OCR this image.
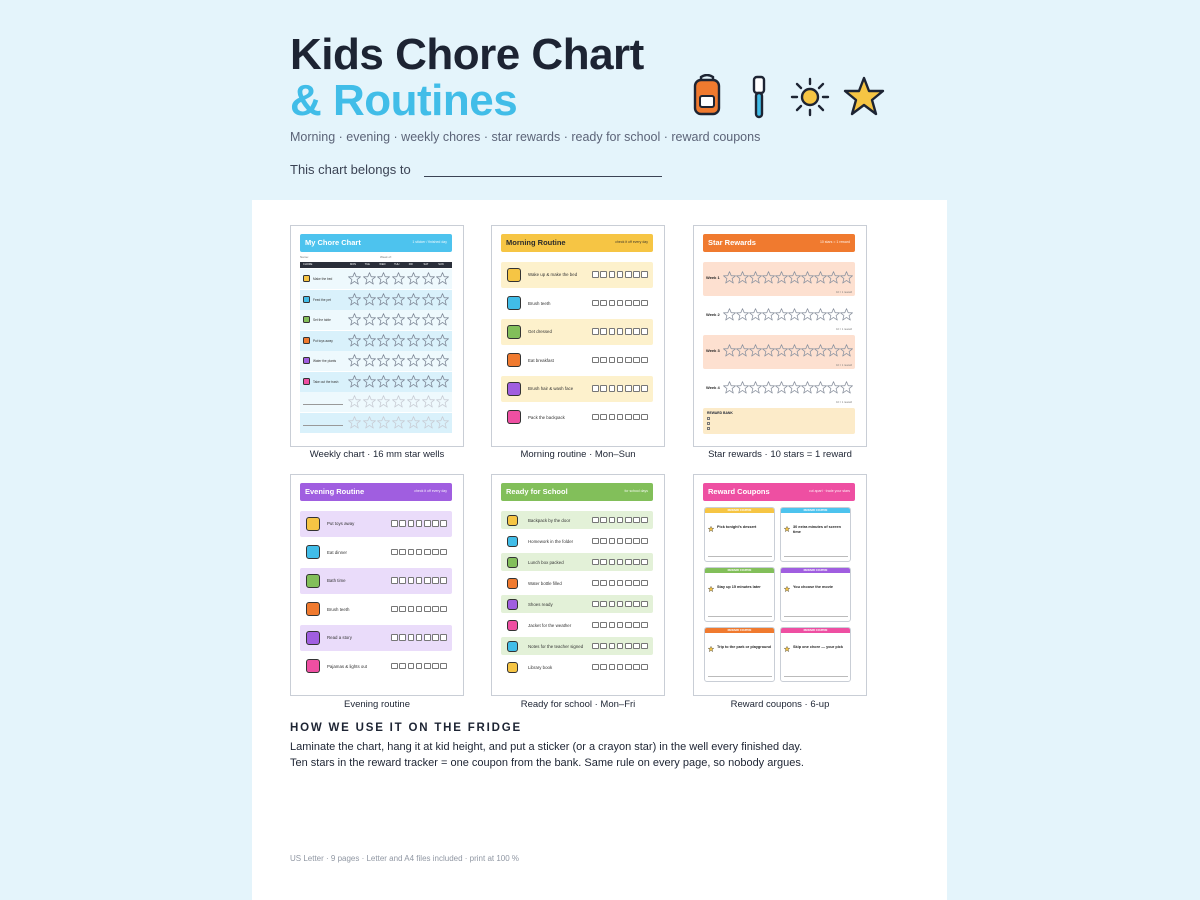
Kids Chore Chart
& Routines
Morning · evening · weekly chores · star rewards · ready for school · reward coupons
This chart belongs to
My Chore Chart	1 sticker / finished day
Name:	Week of:
CHORE	MON	TUE	WED	THU	FRI	SAT	SUN
Make the bed
Feed the pet
Set the table
Put toys away
Water the plants
Take out the trash
Weekly chart · 16 mm star wells
Morning Routine	check it off every day
Wake up & make the bed
Brush teeth
Get dressed
Eat breakfast
Brush hair & wash face
Pack the backpack
Morning routine · Mon–Sun
Star Rewards	10 stars = 1 reward
Week 1
10 = 1 reward
Week 2
10 = 1 reward
Week 3
10 = 1 reward
Week 4
10 = 1 reward
REWARD BANK
Star rewards · 10 stars = 1 reward
Evening Routine	check it off every day
Put toys away
Eat dinner
Bath time
Brush teeth
Read a story
Pajamas & lights out
Evening routine
Ready for School	for school days
Backpack by the door
Homework in the folder
Lunch box packed
Water bottle filled
Shoes ready
Jacket for the weather
Notes for the teacher signed
Library book
Ready for school · Mon–Fri
Reward Coupons	cut apart · trade your stars
REWARD COUPON
Pick tonight's dessert
REWARD COUPON
30 extra minutes of screen time
REWARD COUPON
Stay up 15 minutes later
REWARD COUPON
You choose the movie
REWARD COUPON
Trip to the park or playground
REWARD COUPON
Skip one chore — your pick
Reward coupons · 6-up
HOW WE USE IT ON THE FRIDGE
Laminate the chart, hang it at kid height, and put a sticker (or a crayon star) in the well every finished day.
Ten stars in the reward tracker = one coupon from the bank. Same rule on every page, so nobody argues.
US Letter · 9 pages · Letter and A4 files included · print at 100 %
